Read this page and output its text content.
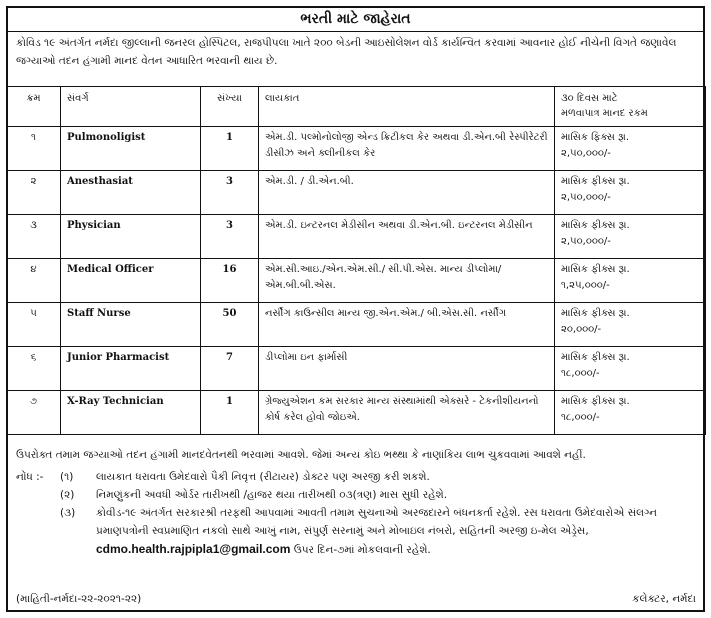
ભરતી માટે જાહેરાત
કોવિડ ૧૯ અંતર્ગત નર્મદા જીલ્લાની જનરલ હોસ્પિટલ, રાજપીપલા ખાતે ૨૦૦ બેડની આઇસોલેશન વોર્ડ કાર્યન્વિત કરવામાં આવનાર હોઈ નીચેની વિગતે જણાવેલ જગ્યાઓ તદન હંગામી માનદ વેતન આધારિત ભરવાની થાય છે.
ક્રમ	સંવર્ગ	સંખ્યા	લાયકાત	૩૦ દિવસ માટે
મળવાપાત્ર માનદ રકમ

૧	Pulmonoligist	1	એમ.ડી. પલ્મોનોલોજી એન્ડ ક્રિટીકલ કેર અથવા ડી.એન.બી રેસ્પીરેટરી ડીસીઝ અને ક્લીનીકલ કેર	માસિક ફિક્સ રૂા.
૨,૫૦,૦૦૦/-

૨	Anesthasiat	3	એમ.ડી. / ડી.એન.બી.	માસિક ફીક્સ રૂા.
૨,૫૦,૦૦૦/-

૩	Physician	3	એમ.ડી. ઇન્ટરનલ મેડીસીન અથવા ડી.એન.બી. ઇન્ટરનલ મેડીસીન	માસિક ફીક્સ રૂા.
૨,૫૦,૦૦૦/-

૪	Medical Officer	16	એમ.સી.આઇ./એન.એમ.સી./ સી.પી.એસ. માન્ય ડીપ્લોમા/એમ.બી.બી.એસ.	માસિક ફીક્સ રૂા.
૧,૨૫,૦૦૦/-

૫	Staff Nurse	50	નર્સીંગ કાઉન્સીલ માન્ય જી.એન.એમ./ બી.એસ.સી. નર્સીંગ	માસિક ફીક્સ રૂા.
૨૦,૦૦૦/-

૬	Junior Pharmacist	7	ડીપ્લોમા ઇન ફાર્માસી	માસિક ફીક્સ રૂા.
૧૮,૦૦૦/-

૭	X-Ray Technician	1	ગ્રેજ્યુએશન કમ સરકાર માન્ય સંસ્થામાંથી એક્સરે - ટેકનીશીયનનો કોર્ષ કરેલ હોવો જોઇએ.	માસિક ફીક્સ રૂા.
૧૮,૦૦૦/-
ઉપરોક્ત તમામ જગ્યાઓ તદન હંગામી માનદવેતનથી ભરવામાં આવશે. જેમાં અન્ય કોઇ ભથ્થા કે નાણાંકિય લાભ ચુકવવામાં આવશે નહીં.
નોંધ :-	(૧)	લાયકાત ધરાવતા ઉમેદવારો પૈકી નિવૃત્ત (રીટાયર) ડોક્ટર પણ અરજી કરી શકશે.
(૨)	નિમણુંકની અવધી ઓર્ડર તારીખથી /હાજર થયા તારીખથી ૦૩(ત્રણ) માસ સુધી રહેશે.
(૩)	કોવીડ-૧૯ અંતર્ગત સરકારશ્રી તરફથી આપવામાં આવતી તમામ સુચનાઓ અરજદારને બંધનકર્તા રહેશે. રસ ધરાવતા ઉમેદવારોએ સંલગ્ન પ્રમાણપત્રોની સ્વપ્રમાણિત નકલો સાથે આખું નામ, સંપુર્ણ સરનામું અને મોબાઇલ નંબરો, સહિતની અરજી ઇ-મેલ એડ્રેસ, cdmo.health.rajpipla1@gmail.com ઉપર દિન-૭માં મોકલવાની રહેશે.
(માહિતી-નર્મદા-૨૨-૨૦૨૧-૨૨)	કલેક્ટર, નર્મદા
